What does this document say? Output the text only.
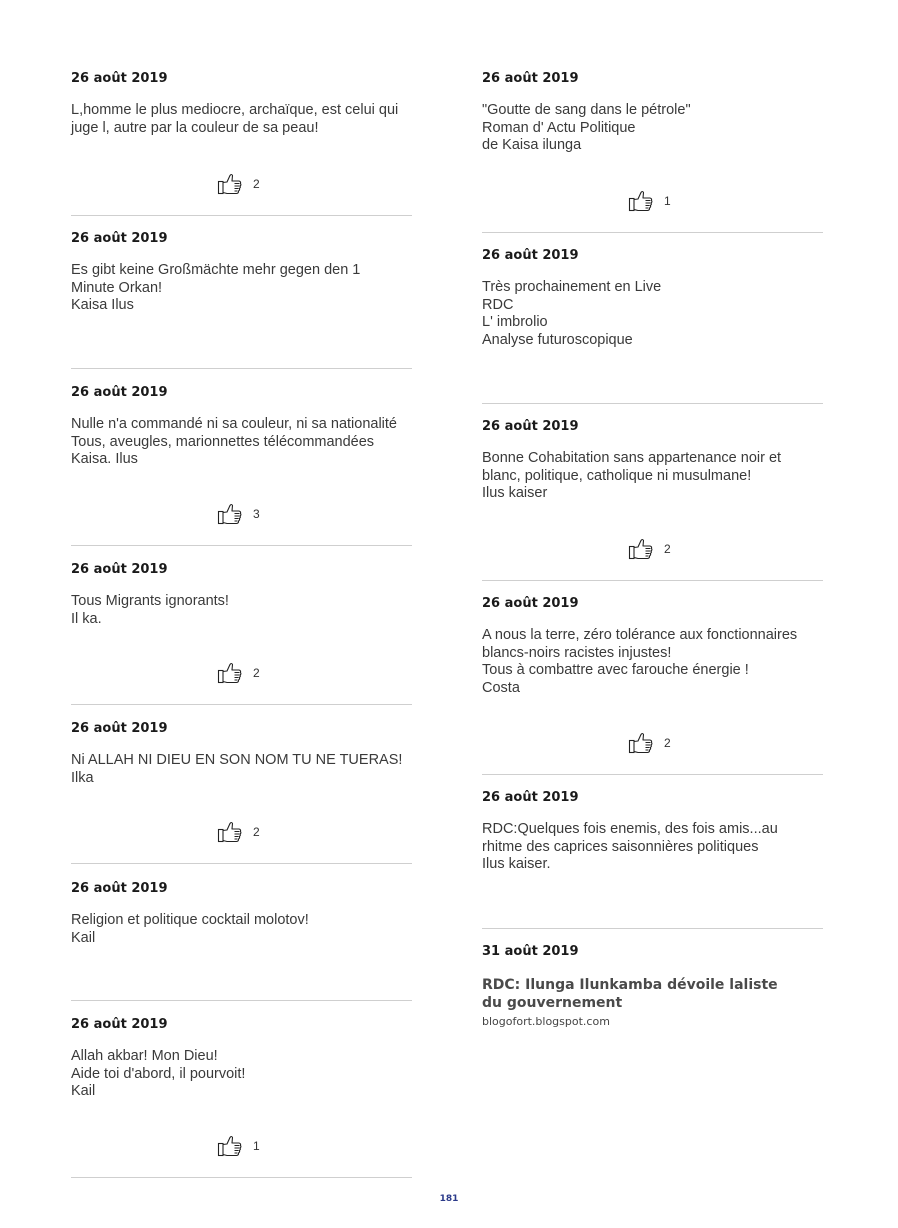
26 août 2019
L,homme le plus mediocre, archaïque, est celui qui
juge l, autre par la couleur de sa peau!
2
26 août 2019
Es gibt keine Großmächte mehr gegen den 1
Minute Orkan!
Kaisa Ilus
26 août 2019
Nulle n'a commandé ni sa couleur, ni sa nationalité
Tous, aveugles, marionnettes télécommandées
Kaisa. Ilus
3
26 août 2019
Tous Migrants ignorants!
Il ka.
2
26 août 2019
Ni ALLAH NI DIEU EN SON NOM TU NE TUERAS!
Ilka
2
26 août 2019
Religion et politique cocktail molotov!
Kail
26 août 2019
Allah akbar! Mon Dieu!
Aide toi d'abord, il pourvoit!
Kail
1
26 août 2019
"Goutte de sang dans le pétrole"
Roman d' Actu Politique
de Kaisa ilunga
1
26 août 2019
Très prochainement en Live
RDC
L' imbrolio
Analyse futuroscopique
26 août 2019
Bonne Cohabitation sans appartenance noir et
blanc, politique, catholique ni musulmane!
Ilus kaiser
2
26 août 2019
A nous la terre, zéro tolérance aux fonctionnaires
blancs-noirs racistes injustes!
Tous à combattre avec farouche énergie !
Costa
2
26 août 2019
RDC:Quelques fois enemis, des fois amis...au
rhitme des caprices saisonnières politiques
Ilus kaiser.
31 août 2019
RDC: Ilunga Ilunkamba dévoile laliste du gouvernement
blogofort.blogspot.com
181
